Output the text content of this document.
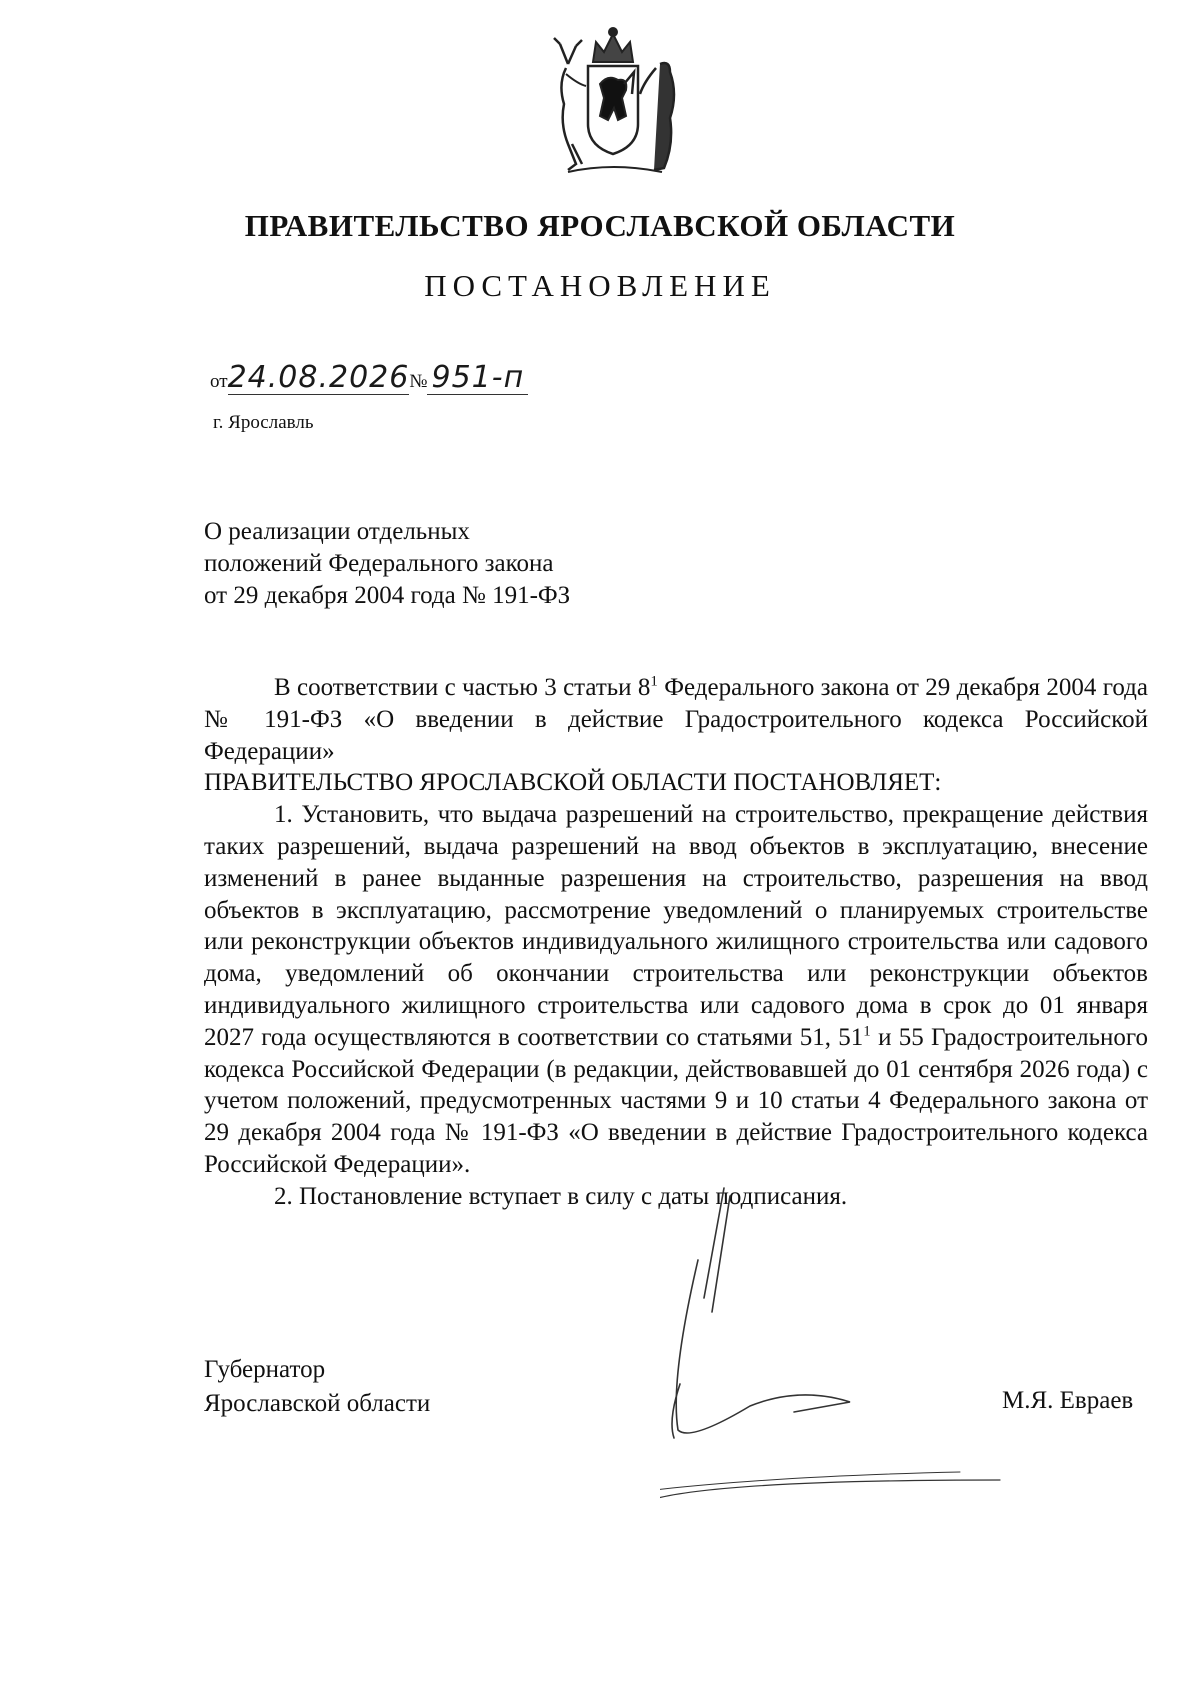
ПРАВИТЕЛЬСТВО ЯРОСЛАВСКОЙ ОБЛАСТИ
ПОСТАНОВЛЕНИЕ
от24.08.2026№ 951-п
г. Ярославль
О реализации отдельных
положений Федерального закона
от 29 декабря 2004 года № 191-ФЗ

В соответствии с частью 3 статьи $8^1$ Федерального закона от 29 декабря 2004 года № 191-ФЗ «О введении в действие Градостроительного кодекса Российской Федерации»

ПРАВИТЕЛЬСТВО ЯРОСЛАВСКОЙ ОБЛАСТИ ПОСТАНОВЛЯЕТ:

1. Установить, что выдача разрешений на строительство, прекращение действия таких разрешений, выдача разрешений на ввод объектов в эксплуатацию, внесение изменений в ранее выданные разрешения на строительство, разрешения на ввод объектов в эксплуатацию, рассмотрение уведомлений о планируемых строительстве или реконструкции объектов индивидуального жилищного строительства или садового дома, уведомлений об окончании строительства или реконструкции объектов индивидуального жилищного строительства или садового дома в срок до 01 января 2027 года осуществляются в соответствии со статьями 51, $51^1$ и 55 Градостроительного кодекса Российской Федерации (в редакции, действовавшей до 01 сентября 2026 года) с учетом положений, предусмотренных частями 9 и 10 статьи 4 Федерального закона от 29 декабря 2004 года № 191-ФЗ «О введении в действие Градостроительного кодекса Российской Федерации».

2. Постановление вступает в силу с даты подписания.

Губернатор
Ярославской области	М.Я. Евраев
